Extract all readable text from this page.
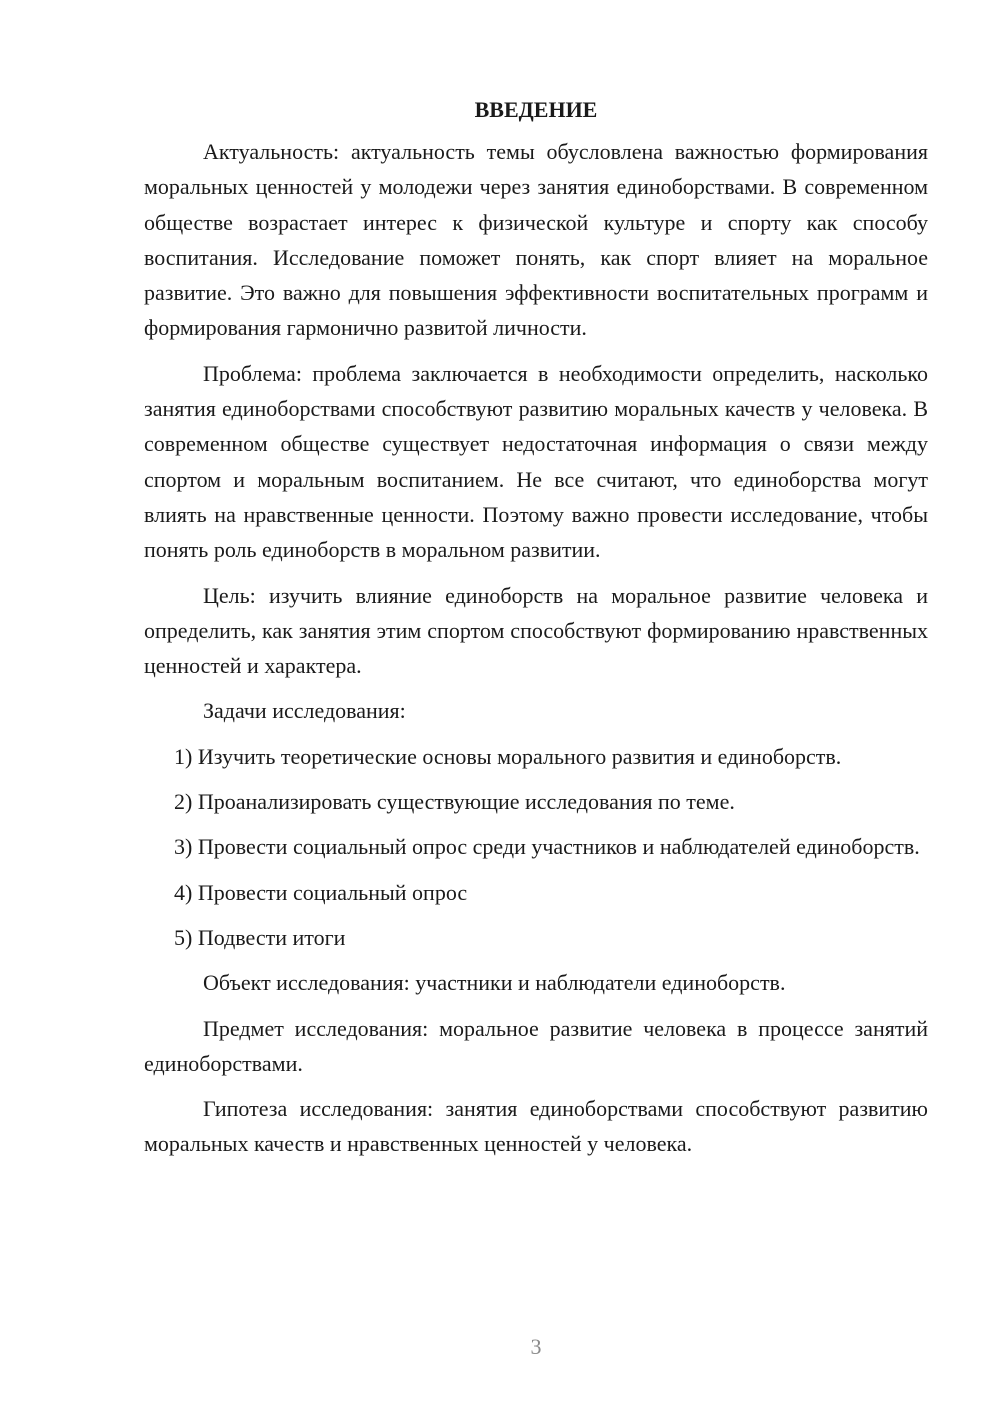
ВВЕДЕНИЕ

Актуальность: актуальность темы обусловлена важностью формирования моральных ценностей у молодежи через занятия единоборствами. В современном обществе возрастает интерес к физической культуре и спорту как способу воспитания. Исследование поможет понять, как спорт влияет на моральное развитие. Это важно для повышения эффективности воспитательных программ и формирования гармонично развитой личности.

Проблема: проблема заключается в необходимости определить, насколько занятия единоборствами способствуют развитию моральных качеств у человека. В современном обществе существует недостаточная информация о связи между спортом и моральным воспитанием. Не все считают, что единоборства могут влиять на нравственные ценности. Поэтому важно провести исследование, чтобы понять роль единоборств в моральном развитии.

Цель: изучить влияние единоборств на моральное развитие человека и определить, как занятия этим спортом способствуют формированию нравственных ценностей и характера.

Задачи исследования:

1) Изучить теоретические основы морального развития и единоборств.

2) Проанализировать существующие исследования по теме.

3) Провести социальный опрос среди участников и наблюдателей единоборств.

4) Провести социальный опрос

5) Подвести итоги

Объект исследования: участники и наблюдатели единоборств.

Предмет исследования: моральное развитие человека в процессе занятий единоборствами.

Гипотеза исследования: занятия единоборствами способствуют развитию моральных качеств и нравственных ценностей у человека.

3
